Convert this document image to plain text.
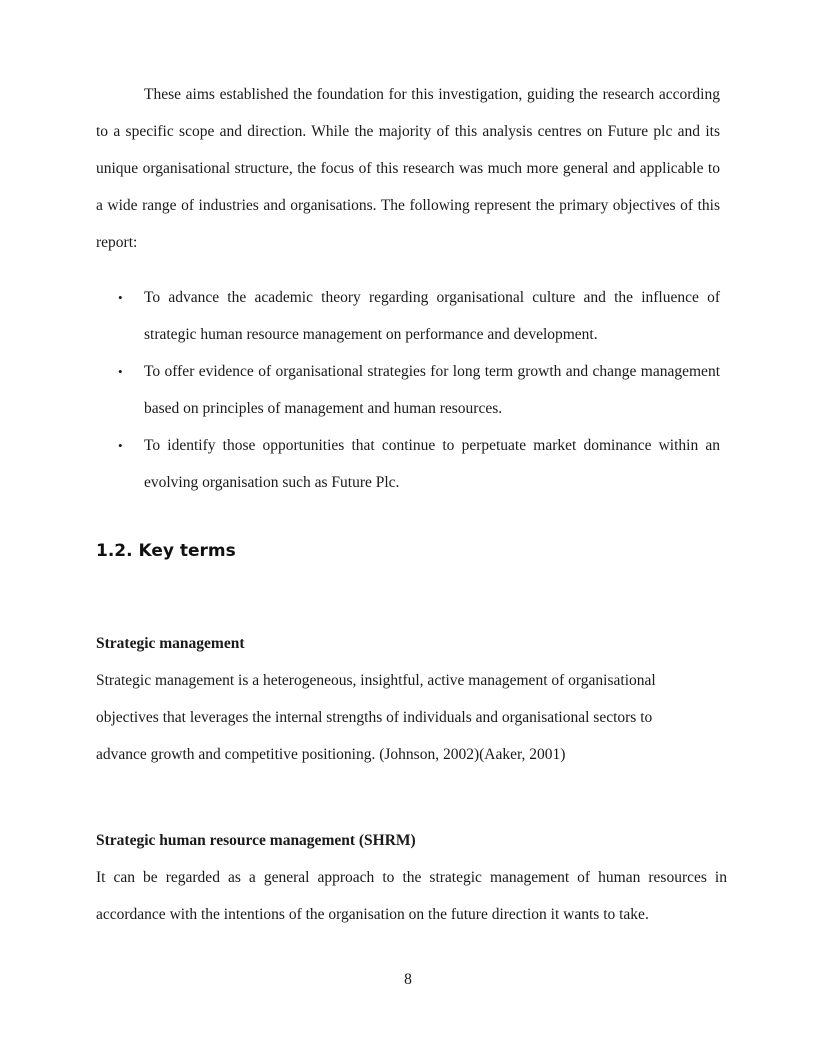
These aims established the foundation for this investigation, guiding the research according to a specific scope and direction. While the majority of this analysis centres on Future plc and its unique organisational structure, the focus of this research was much more general and applicable to a wide range of industries and organisations. The following represent the primary objectives of this report:

• To advance the academic theory regarding organisational culture and the influence of strategic human resource management on performance and development.
• To offer evidence of organisational strategies for long term growth and change management based on principles of management and human resources.
• To identify those opportunities that continue to perpetuate market dominance within an evolving organisation such as Future Plc.
1.2. Key terms

Strategic management

Strategic management is a heterogeneous, insightful, active management of organisational objectives that leverages the internal strengths of individuals and organisational sectors to advance growth and competitive positioning. (Johnson, 2002)(Aaker, 2001)

Strategic human resource management (SHRM)

It can be regarded as a general approach to the strategic management of human resources in accordance with the intentions of the organisation on the future direction it wants to take.

8
